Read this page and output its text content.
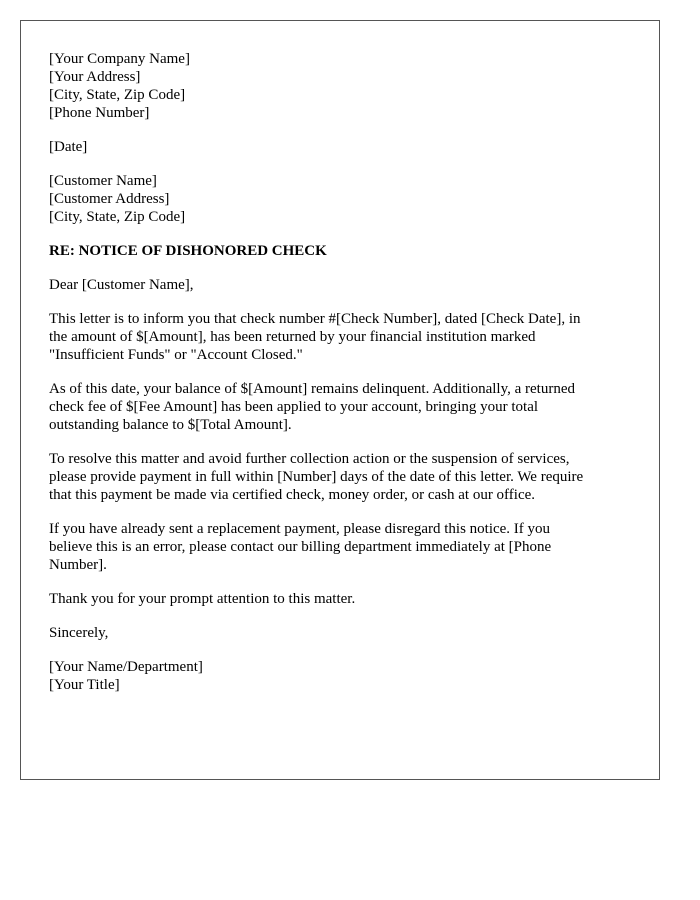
[Your Company Name]
[Your Address]
[City, State, Zip Code]
[Phone Number]
[Date]
[Customer Name]
[Customer Address]
[City, State, Zip Code]
RE: NOTICE OF DISHONORED CHECK
Dear [Customer Name],
This letter is to inform you that check number #[Check Number], dated [Check Date], in
the amount of $[Amount], has been returned by your financial institution marked
"Insufficient Funds" or "Account Closed."
As of this date, your balance of $[Amount] remains delinquent. Additionally, a returned
check fee of $[Fee Amount] has been applied to your account, bringing your total
outstanding balance to $[Total Amount].
To resolve this matter and avoid further collection action or the suspension of services,
please provide payment in full within [Number] days of the date of this letter. We require
that this payment be made via certified check, money order, or cash at our office.
If you have already sent a replacement payment, please disregard this notice. If you
believe this is an error, please contact our billing department immediately at [Phone
Number].
Thank you for your prompt attention to this matter.
Sincerely,
[Your Name/Department]
[Your Title]
